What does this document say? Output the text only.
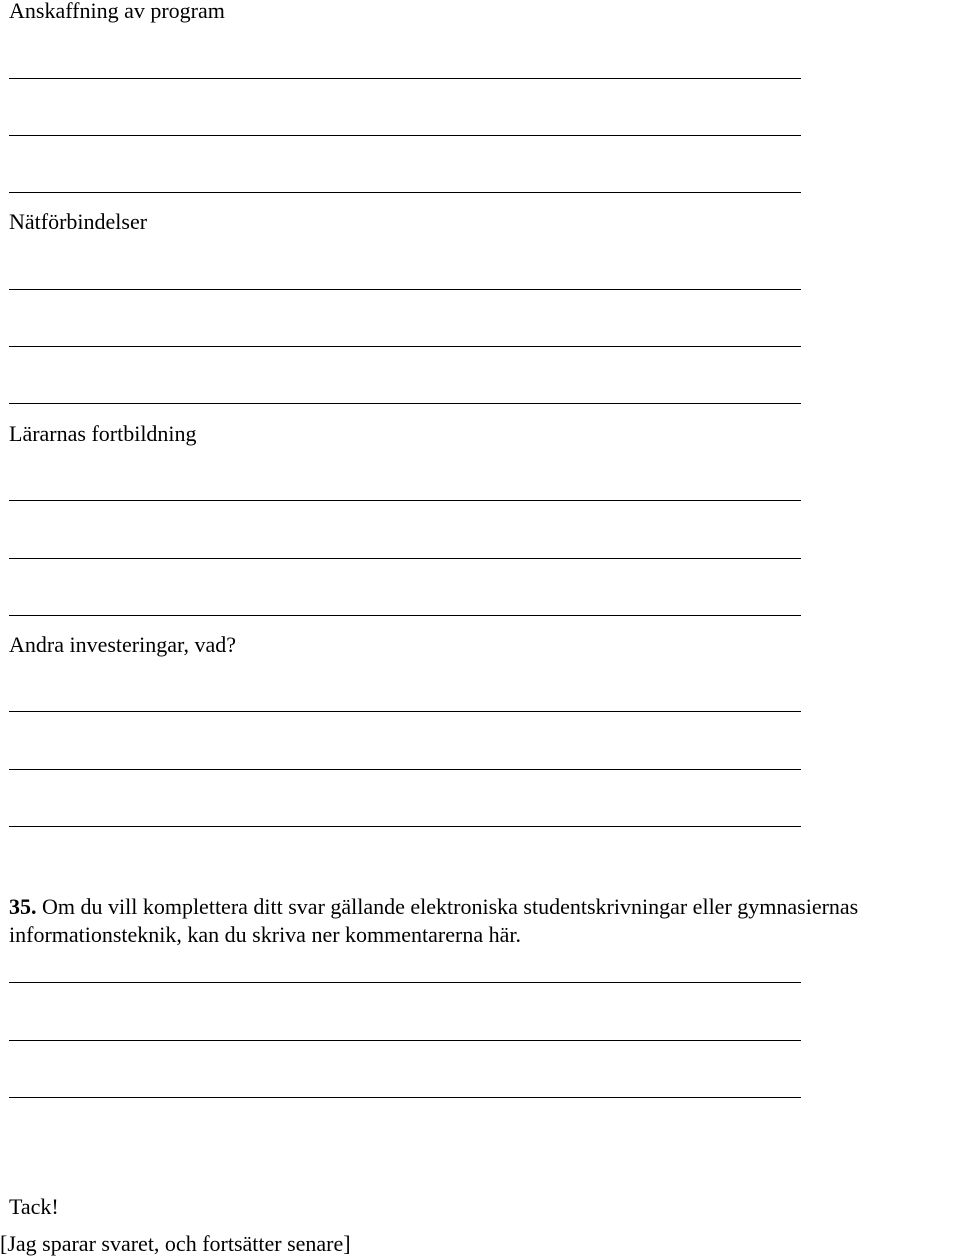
Anskaffning av program
Nätförbindelser
Lärarnas fortbildning
Andra investeringar, vad?
35. Om du vill komplettera ditt svar gällande elektroniska studentskrivningar eller gymnasiernas
informationsteknik, kan du skriva ner kommentarerna här.
Tack!
[Jag sparar svaret, och fortsätter senare]
